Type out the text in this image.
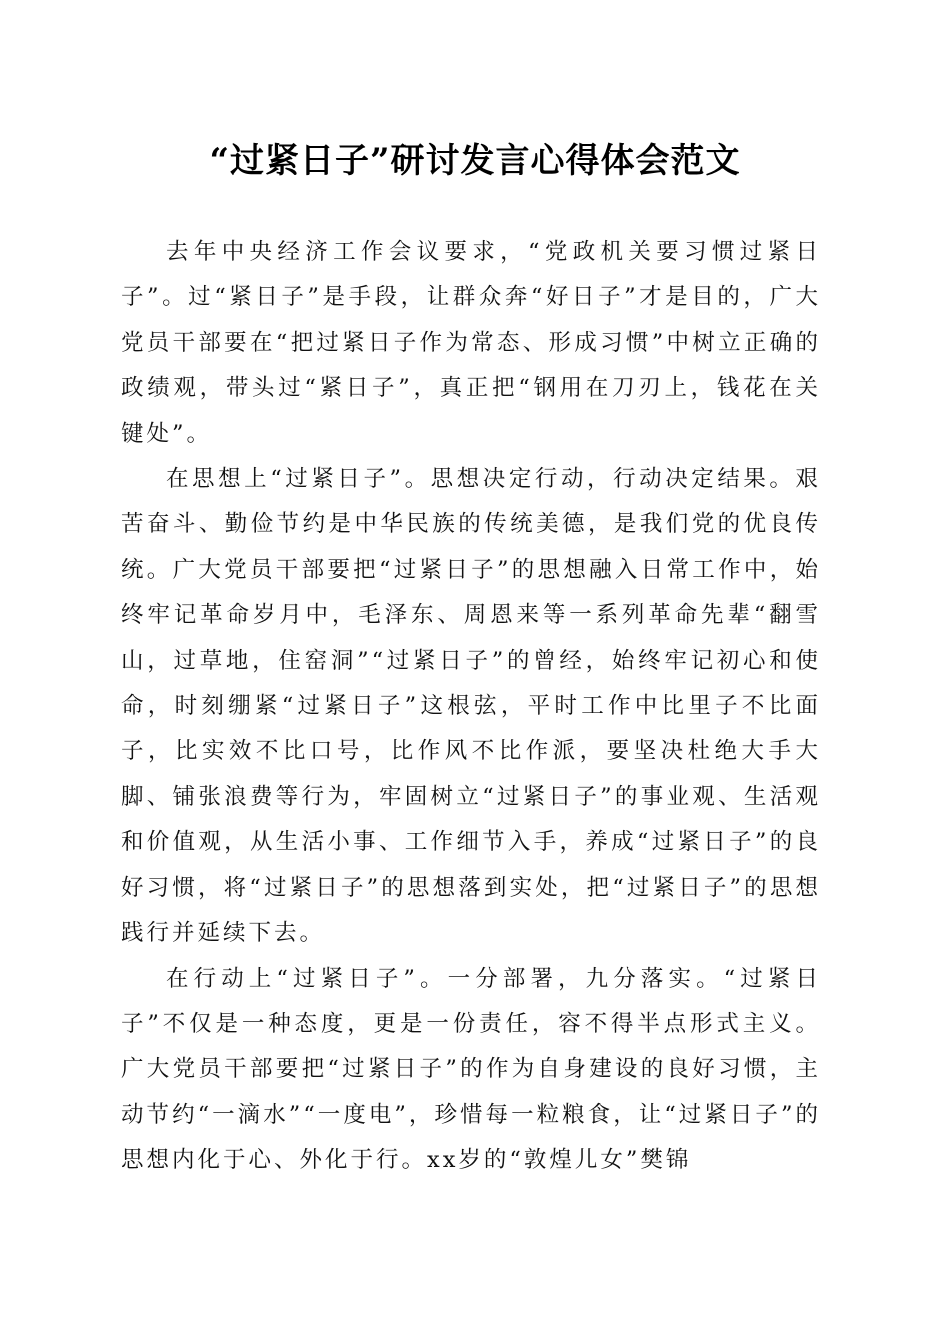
“过紧日子”研讨发言心得体会范文

去年中央经济工作会议要求，“党政机关要习惯过紧日子”。过“紧日子”是手段，让群众奔“好日子”才是目的，广大党员干部要在“把过紧日子作为常态、形成习惯”中树立正确的政绩观，带头过“紧日子”，真正把“钢用在刀刃上，钱花在关键处”。

在思想上“过紧日子”。思想决定行动，行动决定结果。艰苦奋斗、勤俭节约是中华民族的传统美德，是我们党的优良传统。广大党员干部要把“过紧日子”的思想融入日常工作中，始终牢记革命岁月中，毛泽东、周恩来等一系列革命先辈“翻雪山，过草地，住窑洞”“过紧日子”的曾经，始终牢记初心和使命，时刻绷紧“过紧日子”这根弦，平时工作中比里子不比面子，比实效不比口号，比作风不比作派，要坚决杜绝大手大脚、铺张浪费等行为，牢固树立“过紧日子”的事业观、生活观和价值观，从生活小事、工作细节入手，养成“过紧日子”的良好习惯，将“过紧日子”的思想落到实处，把“过紧日子”的思想践行并延续下去。

在行动上“过紧日子”。一分部署，九分落实。“过紧日子”不仅是一种态度，更是一份责任，容不得半点形式主义。广大党员干部要把“过紧日子”的作为自身建设的良好习惯，主动节约“一滴水”“一度电”，珍惜每一粒粮食，让“过紧日子”的思想内化于心、外化于行。xx岁的“敦煌儿女”樊锦
